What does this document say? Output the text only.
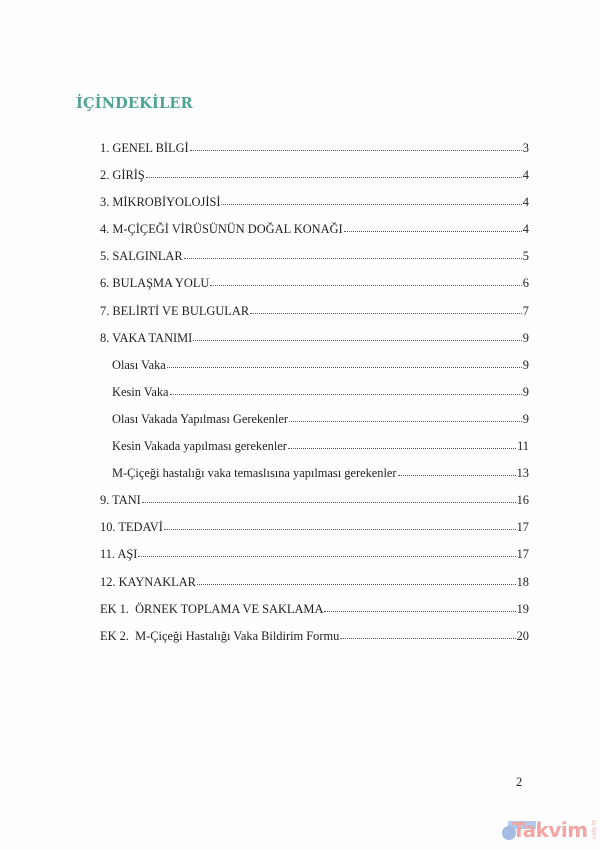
İÇİNDEKİLER
1. GENEL BİLGİ	3
2. GİRİŞ	4
3. MİKROBİYOLOJİSİ	4
4. M-ÇİÇEĞİ VİRÜSÜNÜN DOĞAL KONAĞI	4
5. SALGINLAR	5
6. BULAŞMA YOLU	6
7. BELİRTİ VE BULGULAR	7
8. VAKA TANIMI	9
Olası Vaka	9
Kesin Vaka	9
Olası Vakada Yapılması Gerekenler	9
Kesin Vakada yapılması gerekenler	11
M-Çiçeği hastalığı vaka temaslısına yapılması gerekenler	13
9. TANI	16
10. TEDAVİ	17
11. AŞI	17
12. KAYNAKLAR	18
EK 1.  ÖRNEK TOPLAMA VE SAKLAMA	19
EK 2.  M-Çiçeği Hastalığı Vaka Bildirim Formu	20
2
Takvim com.tr
